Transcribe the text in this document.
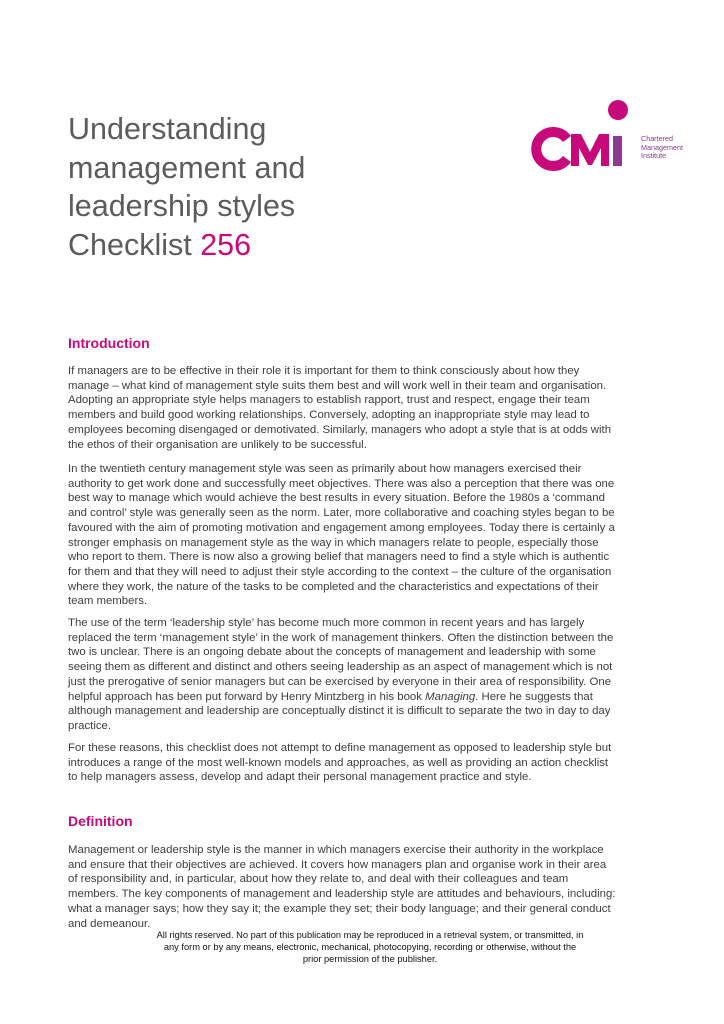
Understanding
management and
leadership styles
Checklist 256
Chartered
Management
Institute
Introduction

If managers are to be effective in their role it is important for them to think consciously about how they
manage – what kind of management style suits them best and will work well in their team and organisation.
Adopting an appropriate style helps managers to establish rapport, trust and respect, engage their team
members and build good working relationships. Conversely, adopting an inappropriate style may lead to
employees becoming disengaged or demotivated. Similarly, managers who adopt a style that is at odds with
the ethos of their organisation are unlikely to be successful.

In the twentieth century management style was seen as primarily about how managers exercised their
authority to get work done and successfully meet objectives. There was also a perception that there was one
best way to manage which would achieve the best results in every situation. Before the 1980s a ‘command
and control’ style was generally seen as the norm. Later, more collaborative and coaching styles began to be
favoured with the aim of promoting motivation and engagement among employees. Today there is certainly a
stronger emphasis on management style as the way in which managers relate to people, especially those
who report to them. There is now also a growing belief that managers need to find a style which is authentic
for them and that they will need to adjust their style according to the context – the culture of the organisation
where they work, the nature of the tasks to be completed and the characteristics and expectations of their
team members.

The use of the term ‘leadership style’ has become much more common in recent years and has largely
replaced the term ‘management style’ in the work of management thinkers. Often the distinction between the
two is unclear. There is an ongoing debate about the concepts of management and leadership with some
seeing them as different and distinct and others seeing leadership as an aspect of management which is not
just the prerogative of senior managers but can be exercised by everyone in their area of responsibility. One
helpful approach has been put forward by Henry Mintzberg in his book Managing. Here he suggests that
although management and leadership are conceptually distinct it is difficult to separate the two in day to day
practice.

For these reasons, this checklist does not attempt to define management as opposed to leadership style but
introduces a range of the most well-known models and approaches, as well as providing an action checklist
to help managers assess, develop and adapt their personal management practice and style.

Definition

Management or leadership style is the manner in which managers exercise their authority in the workplace
and ensure that their objectives are achieved. It covers how managers plan and organise work in their area
of responsibility and, in particular, about how they relate to, and deal with their colleagues and team
members. The key components of management and leadership style are attitudes and behaviours, including:
what a manager says; how they say it; the example they set; their body language; and their general conduct
and demeanour.

All rights reserved. No part of this publication may be reproduced in a retrieval system, or transmitted, in
any form or by any means, electronic, mechanical, photocopying, recording or otherwise, without the
prior permission of the publisher.
